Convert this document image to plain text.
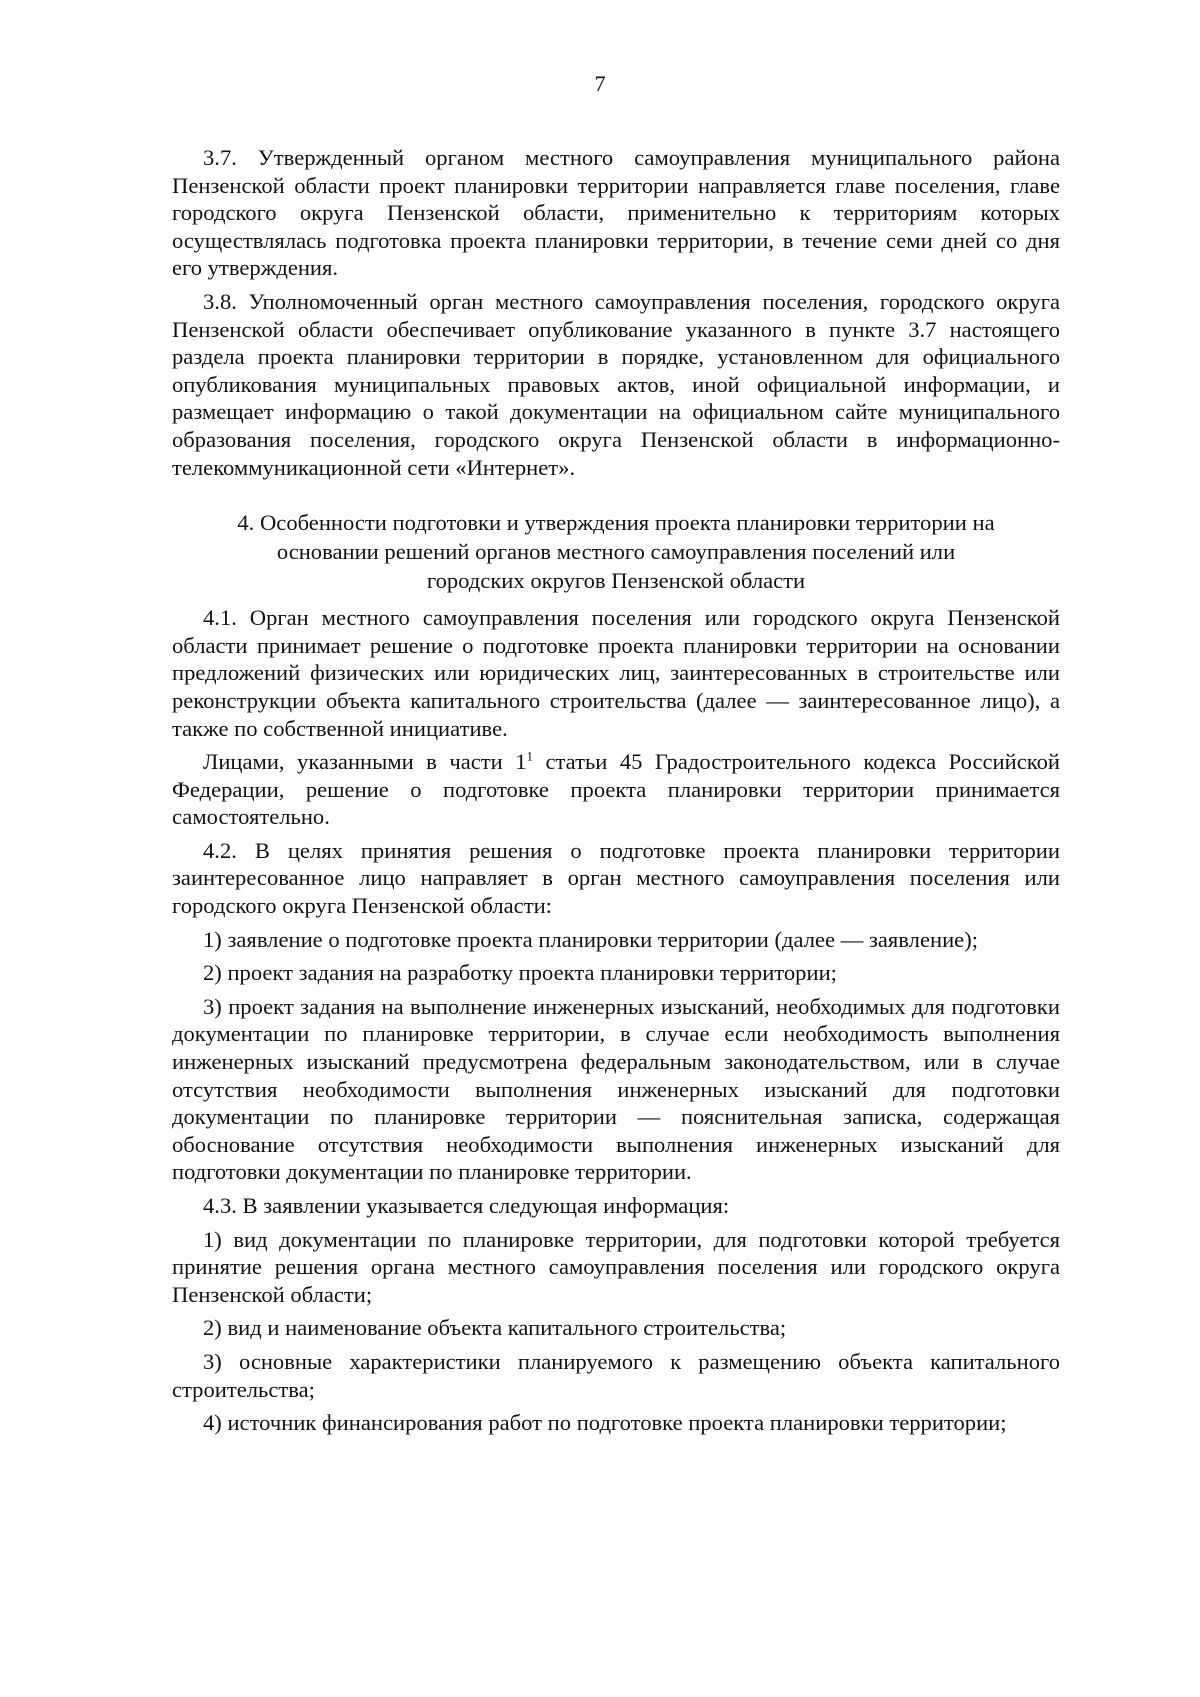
7

3.7. Утвержденный органом местного самоуправления муниципального района Пензенской области проект планировки территории направляется главе поселения, главе городского округа Пензенской области, применительно к территориям которых осуществлялась подготовка проекта планировки территории, в течение семи дней со дня его утверждения.

3.8. Уполномоченный орган местного самоуправления поселения, городского округа Пензенской области обеспечивает опубликование указанного в пункте 3.7 настоящего раздела проекта планировки территории в порядке, установленном для официального опубликования муниципальных правовых актов, иной официальной информации, и размещает информацию о такой документации на официальном сайте муниципального образования поселения, городского округа Пензенской области в информационно-телекоммуникационной сети «Интернет».

4. Особенности подготовки и утверждения проекта планировки территории на
основании решений органов местного самоуправления поселений или
городских округов Пензенской области

4.1. Орган местного самоуправления поселения или городского округа Пензенской области принимает решение о подготовке проекта планировки территории на основании предложений физических или юридических лиц, заинтересованных в строительстве или реконструкции объекта капитального строительства (далее — заинтересованное лицо), а также по собственной инициативе.

Лицами, указанными в части $1^1$ статьи 45 Градостроительного кодекса Российской Федерации, решение о подготовке проекта планировки территории принимается самостоятельно.

4.2. В целях принятия решения о подготовке проекта планировки территории заинтересованное лицо направляет в орган местного самоуправления поселения или городского округа Пензенской области:

1) заявление о подготовке проекта планировки территории (далее — заявление);

2) проект задания на разработку проекта планировки территории;

3) проект задания на выполнение инженерных изысканий, необходимых для подготовки документации по планировке территории, в случае если необходимость выполнения инженерных изысканий предусмотрена федеральным законодательством, или в случае отсутствия необходимости выполнения инженерных изысканий для подготовки документации по планировке территории — пояснительная записка, содержащая обоснование отсутствия необходимости выполнения инженерных изысканий для подготовки документации по планировке территории.

4.3. В заявлении указывается следующая информация:

1) вид документации по планировке территории, для подготовки которой требуется принятие решения органа местного самоуправления поселения или городского округа Пензенской области;

2) вид и наименование объекта капитального строительства;

3) основные характеристики планируемого к размещению объекта капитального строительства;

4) источник финансирования работ по подготовке проекта планировки территории;
